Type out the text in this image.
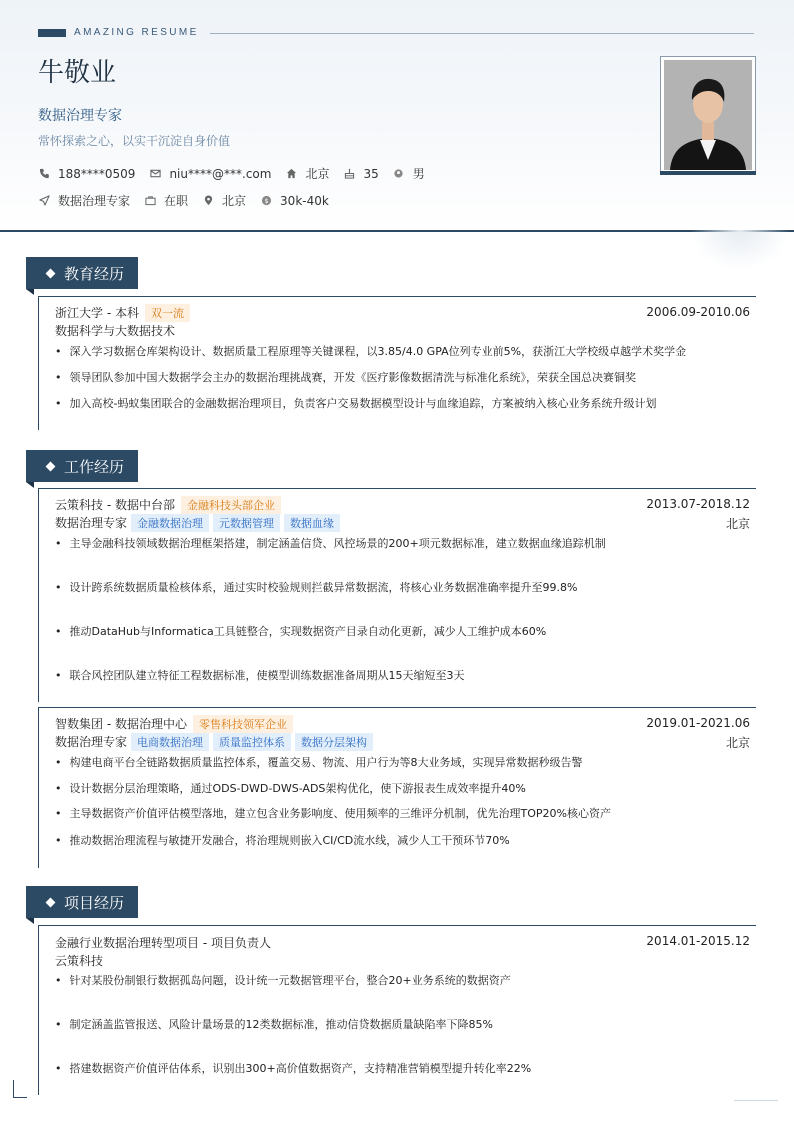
AMAZING RESUME
牛敬业
数据治理专家
常怀探索之心，以实干沉淀自身价值
188****0509	niu****@***.com	北京	35	男
数据治理专家	在职	北京	$ 30k-40k
教育经历
浙江大学 - 本科 双一流	2006.09-2010.06
数据科学与大数据技术
• 深入学习数据仓库架构设计、数据质量工程原理等关键课程，以3.85/4.0 GPA位列专业前5%，获浙江大学校级卓越学术奖学金
• 领导团队参加中国大数据学会主办的数据治理挑战赛，开发《医疗影像数据清洗与标准化系统》，荣获全国总决赛铜奖
• 加入高校-蚂蚁集团联合的金融数据治理项目，负责客户交易数据模型设计与血缘追踪，方案被纳入核心业务系统升级计划
工作经历
云策科技 - 数据中台部 金融科技头部企业	2013.07-2018.12
数据治理专家 金融数据治理 元数据管理 数据血缘	北京
• 主导金融科技领域数据治理框架搭建，制定涵盖信贷、风控场景的200+项元数据标准，建立数据血缘追踪机制
• 设计跨系统数据质量检核体系，通过实时校验规则拦截异常数据流，将核心业务数据准确率提升至99.8%
• 推动DataHub与Informatica工具链整合，实现数据资产目录自动化更新，减少人工维护成本60%
• 联合风控团队建立特征工程数据标准，使模型训练数据准备周期从15天缩短至3天
智数集团 - 数据治理中心 零售科技领军企业	2019.01-2021.06
数据治理专家 电商数据治理 质量监控体系 数据分层架构	北京
• 构建电商平台全链路数据质量监控体系，覆盖交易、物流、用户行为等8大业务域，实现异常数据秒级告警
• 设计数据分层治理策略，通过ODS-DWD-DWS-ADS架构优化，使下游报表生成效率提升40%
• 主导数据资产价值评估模型落地，建立包含业务影响度、使用频率的三维评分机制，优先治理TOP20%核心资产
• 推动数据治理流程与敏捷开发融合，将治理规则嵌入CI/CD流水线，减少人工干预环节70%
项目经历
金融行业数据治理转型项目 - 项目负责人	2014.01-2015.12
云策科技
• 针对某股份制银行数据孤岛问题，设计统一元数据管理平台，整合20+业务系统的数据资产
• 制定涵盖监管报送、风险计量场景的12类数据标准，推动信贷数据质量缺陷率下降85%
• 搭建数据资产价值评估体系，识别出300+高价值数据资产，支持精准营销模型提升转化率22%
